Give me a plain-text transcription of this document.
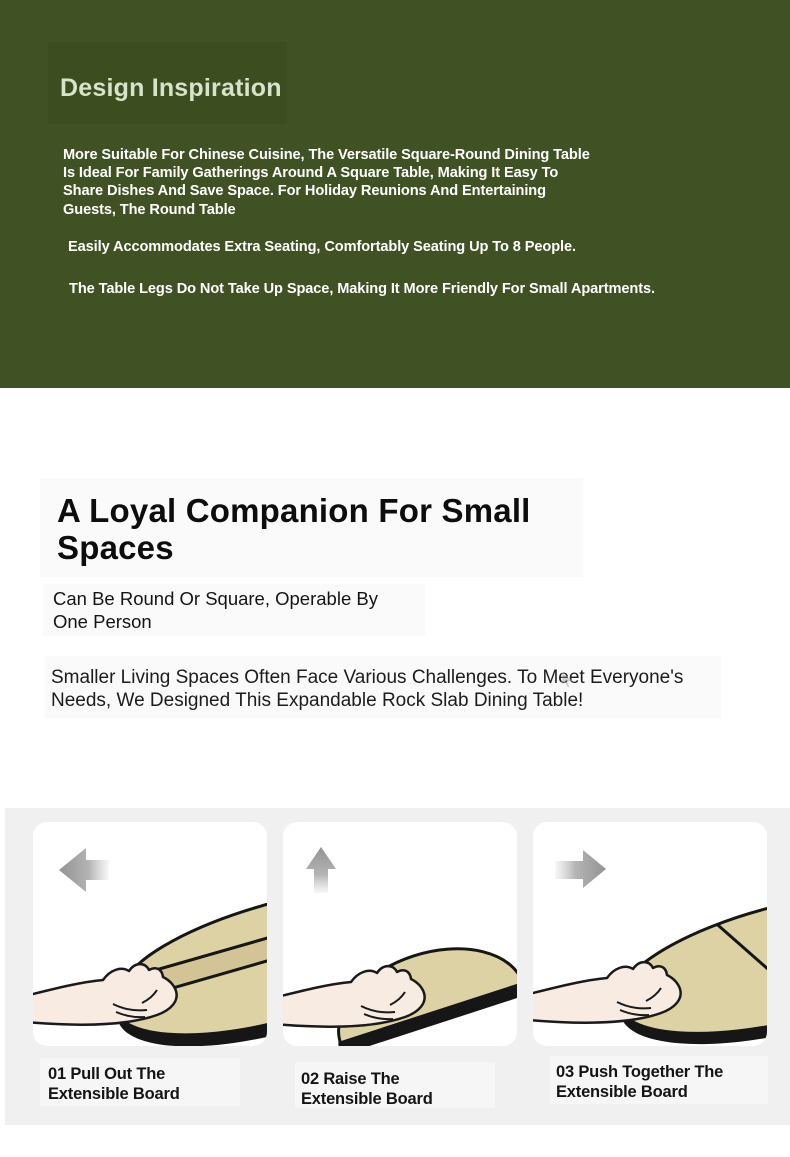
Design Inspiration
More Suitable For Chinese Cuisine, The Versatile Square-Round Dining Table
Is Ideal For Family Gatherings Around A Square Table, Making It Easy To
Share Dishes And Save Space. For Holiday Reunions And Entertaining
Guests, The Round Table
Easily Accommodates Extra Seating, Comfortably Seating Up To 8 People.
The Table Legs Do Not Take Up Space, Making It More Friendly For Small Apartments.
A Loyal Companion For Small
Spaces
Can Be Round Or Square, Operable By
One Person
Smaller Living Spaces Often Face Various Challenges. To Meet Everyone's
Needs, We Designed This Expandable Rock Slab Dining Table!
01 Pull Out The
Extensible Board
02 Raise The
Extensible Board
03 Push Together The
Extensible Board
